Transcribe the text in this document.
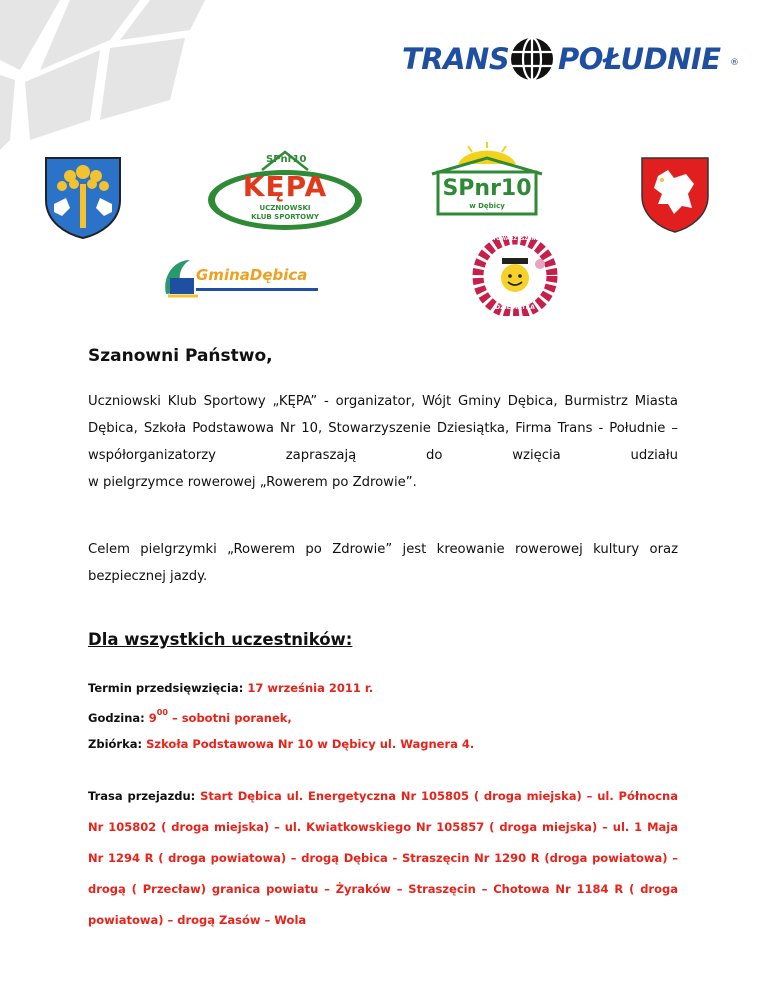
TRANS POŁUDNIE ®
SPnr10
KĘPA
UCZNIOWSKI
KLUB SPORTOWY
SPnr10
w Dębicy
GminaDębica
STOWARZYSZENIE
DZIESIĄTKA
Szanowni Państwo,
Uczniowski Klub Sportowy „KĘPA” - organizator, Wójt Gminy Dębica, Burmistrz Miasta Dębica, Szkoła Podstawowa Nr 10, Stowarzyszenie Dziesiątka, Firma Trans - Południe – współorganizatorzy zapraszają do wzięcia udziału
w pielgrzymce rowerowej „Rowerem po Zdrowie”.
Celem pielgrzymki „Rowerem po Zdrowie” jest kreowanie rowerowej kultury oraz bezpiecznej jazdy.
Dla wszystkich uczestników:
Termin przedsięwzięcia: 17 września 2011 r.
Godzina: $9^{00}$ – sobotni poranek,
Zbiórka: Szkoła Podstawowa Nr 10 w Dębicy ul. Wagnera 4.
Trasa przejazdu: Start Dębica ul. Energetyczna Nr 105805 ( droga miejska) – ul. Północna Nr 105802 ( droga miejska) – ul. Kwiatkowskiego Nr 105857 ( droga miejska) – ul. 1 Maja Nr 1294 R ( droga powiatowa) – drogą Dębica - Straszęcin Nr 1290 R (droga powiatowa) – drogą ( Przecław) granica powiatu – Żyraków – Straszęcin – Chotowa Nr 1184 R ( droga powiatowa) – drogą Zasów – Wola
